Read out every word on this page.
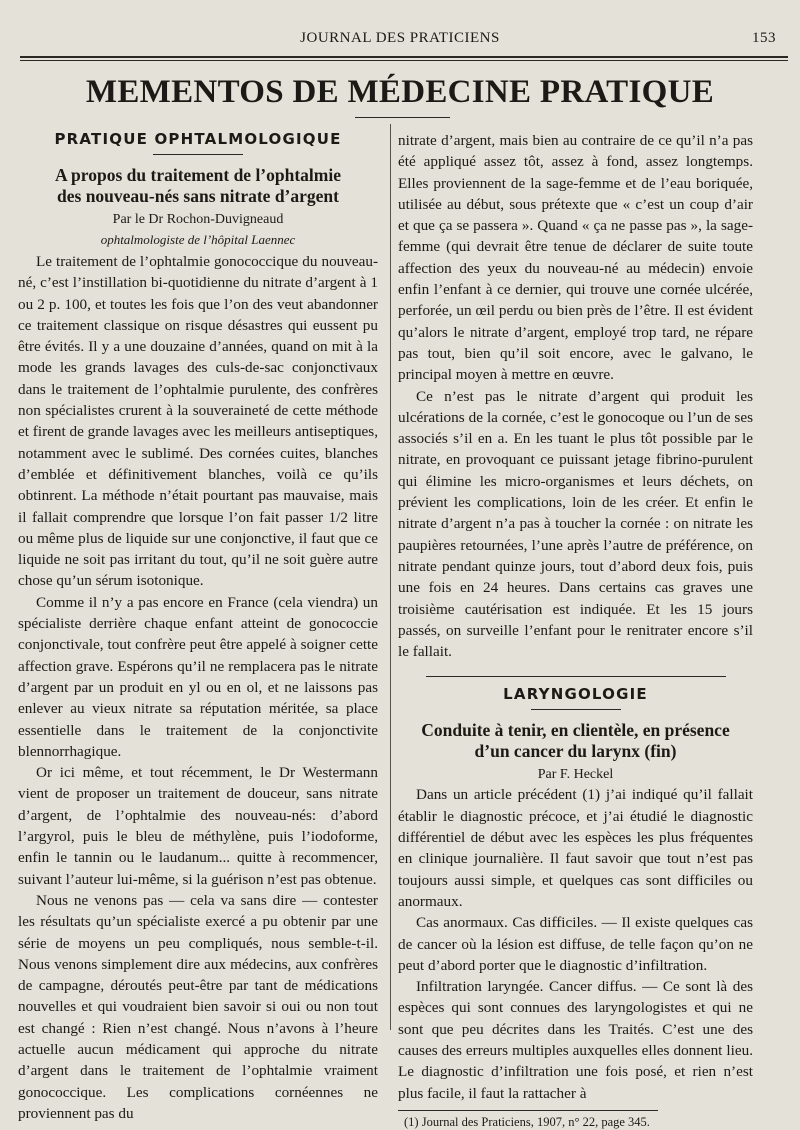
JOURNAL DES PRATICIENS	153
MEMENTOS DE MÉDECINE PRATIQUE
PRATIQUE OPHTALMOLOGIQUE
A propos du traitement de l’ophtalmie
des nouveau-nés sans nitrate d’argent
Par le Dr Rochon-Duvigneaud
ophtalmologiste de l’hôpital Laennec

Le traitement de l’ophtalmie gonococcique du nouveau-né, c’est l’instillation bi-quotidienne du nitrate d’argent à 1 ou 2 p. 100, et toutes les fois que l’on des veut abandonner ce traitement classique on risque désastres qui eussent pu être évités. Il y a une douzaine d’années, quand on mit à la mode les grands lavages des culs-de-sac conjonctivaux dans le traitement de l’ophtalmie purulente, des confrères non spécialistes crurent à la souveraineté de cette méthode et firent de grande lavages avec les meilleurs antiseptiques, notamment avec le sublimé. Des cornées cuites, blanches d’emblée et définitivement blanches, voilà ce qu’ils obtinrent. La méthode n’était pourtant pas mauvaise, mais il fallait comprendre que lorsque l’on fait passer 1/2 litre ou même plus de liquide sur une conjonctive, il faut que ce liquide ne soit pas irritant du tout, qu’il ne soit guère autre chose qu’un sérum isotonique.

Comme il n’y a pas encore en France (cela viendra) un spécialiste derrière chaque enfant atteint de gonococcie conjonctivale, tout confrère peut être appelé à soigner cette affection grave. Espérons qu’il ne remplacera pas le nitrate d’argent par un produit en yl ou en ol, et ne laissons pas enlever au vieux nitrate sa réputation méritée, sa place essentielle dans le traitement de la conjonctivite blennorrhagique.

Or ici même, et tout récemment, le Dr Westermann vient de proposer un traitement de douceur, sans nitrate d’argent, de l’ophtalmie des nouveau-nés: d’abord l’argyrol, puis le bleu de méthylène, puis l’iodoforme, enfin le tannin ou le laudanum... quitte à recommencer, suivant l’auteur lui-même, si la guérison n’est pas obtenue.

Nous ne venons pas — cela va sans dire — contester les résultats qu’un spécialiste exercé a pu obtenir par une série de moyens un peu compliqués, nous semble-t-il. Nous venons simplement dire aux médecins, aux confrères de campagne, déroutés peut-être par tant de médications nouvelles et qui voudraient bien savoir si oui ou non tout est changé : Rien n’est changé. Nous n’avons à l’heure actuelle aucun médicament qui approche du nitrate d’argent dans le traitement de l’ophtalmie vraiment gonococcique. Les complications cornéennes ne proviennent pas du

nitrate d’argent, mais bien au contraire de ce qu’il n’a pas été appliqué assez tôt, assez à fond, assez longtemps. Elles proviennent de la sage-femme et de l’eau boriquée, utilisée au début, sous prétexte que « c’est un coup d’air et que ça se passera ». Quand « ça ne passe pas », la sage-femme (qui devrait être tenue de déclarer de suite toute affection des yeux du nouveau-né au médecin) envoie enfin l’enfant à ce dernier, qui trouve une cornée ulcérée, perforée, un œil perdu ou bien près de l’être. Il est évident qu’alors le nitrate d’argent, employé trop tard, ne répare pas tout, bien qu’il soit encore, avec le galvano, le principal moyen à mettre en œuvre.

Ce n’est pas le nitrate d’argent qui produit les ulcérations de la cornée, c’est le gonocoque ou l’un de ses associés s’il en a. En les tuant le plus tôt possible par le nitrate, en provoquant ce puissant jetage fibrino-purulent qui élimine les micro-organismes et leurs déchets, on prévient les complications, loin de les créer. Et enfin le nitrate d’argent n’a pas à toucher la cornée : on nitrate les paupières retournées, l’une après l’autre de préférence, on nitrate pendant quinze jours, tout d’abord deux fois, puis une fois en 24 heures. Dans certains cas graves une troisième cautérisation est indiquée. Et les 15 jours passés, on surveille l’enfant pour le renitrater encore s’il le fallait.

LARYNGOLOGIE
Conduite à tenir, en clientèle, en présence
d’un cancer du larynx (fin)
Par F. Heckel

Dans un article précédent (1) j’ai indiqué qu’il fallait établir le diagnostic précoce, et j’ai étudié le diagnostic différentiel de début avec les espèces les plus fréquentes en clinique journalière. Il faut savoir que tout n’est pas toujours aussi simple, et quelques cas sont difficiles ou anormaux.

Cas anormaux. Cas difficiles. — Il existe quelques cas de cancer où la lésion est diffuse, de telle façon qu’on ne peut d’abord porter que le diagnostic d’infiltration.

Infiltration laryngée. Cancer diffus. — Ce sont là des espèces qui sont connues des laryngologistes et qui ne sont que peu décrites dans les Traités. C’est une des causes des erreurs multiples auxquelles elles donnent lieu. Le diagnostic d’infiltration une fois posé, et rien n’est plus facile, il faut la rattacher à

(1) Journal des Praticiens, 1907, n° 22, page 345.
